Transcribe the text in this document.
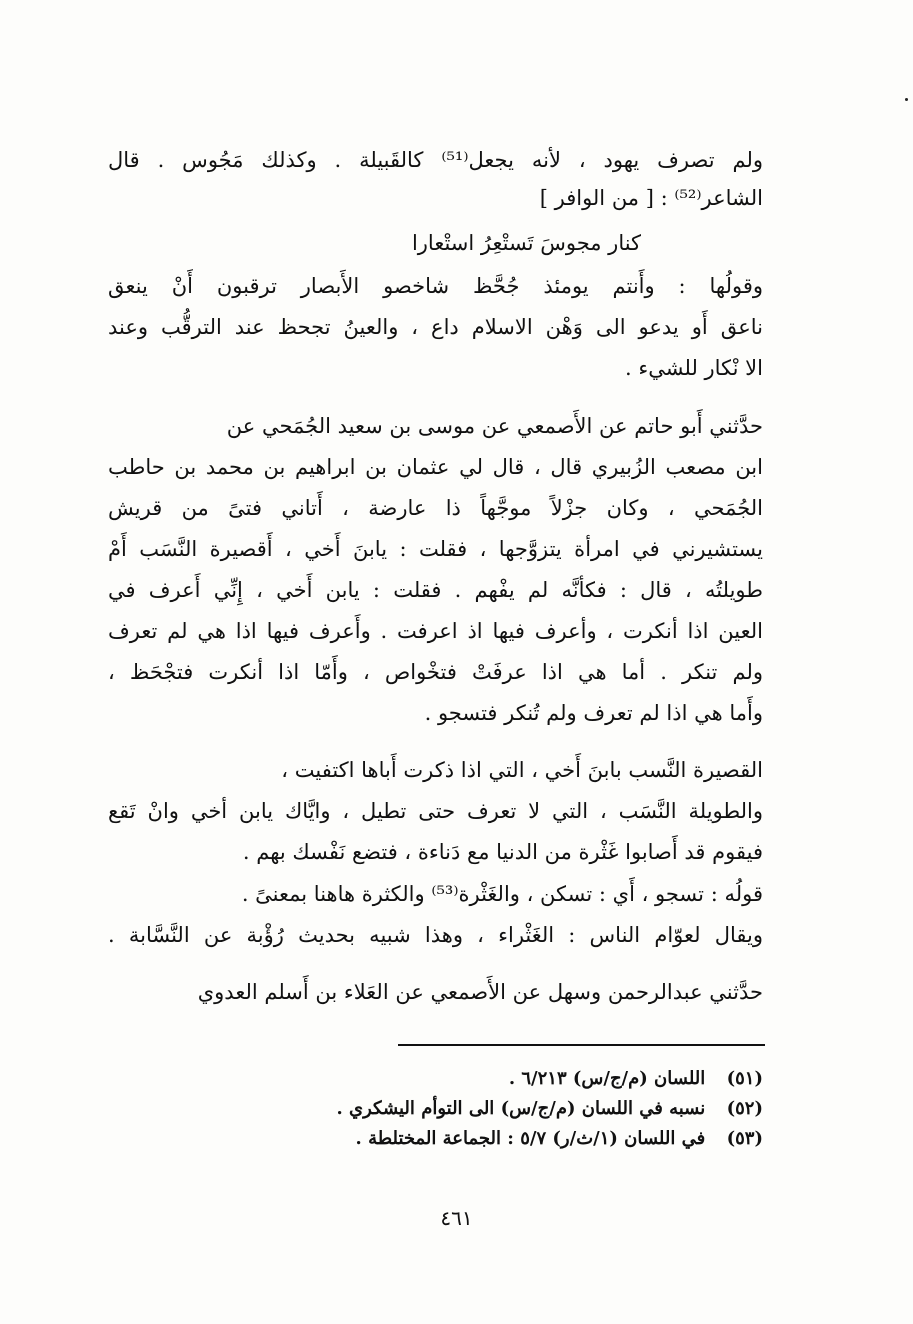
ولم تصرف يهود ، لأنه يجعل⁽⁵¹⁾ كالقَبيلة . وكذلك مَجُوس . قال
الشاعر⁽⁵²⁾ : [ من الوافر ]
كنار مجوسَ تَستْعِرُ استْعارا
وقولُها : وأَنتم يومئذ جُحَّظ شاخصو الأَبصار ترقبون أَنْ ينعق
ناعق أَو يدعو الى وَهْن الاسلام داع ، والعينُ تجحظ عند الترقُّب وعند
الا نْكار للشيء .
حدَّثني أَبو حاتم عن الأَصمعي عن موسى بن سعيد الجُمَحي عن
ابن مصعب الزُبيري قال ، قال لي عثمان بن ابراهيم بن محمد بن حاطب
الجُمَحي ، وكان جزْلاً موجَّهاً ذا عارضة ، أَتاني فتىً من قريش
يستشيرني في امرأة يتزوَّجها ، فقلت : يابنَ أَخي ، أَقصيرة النَّسَب أَمْ
طويلتُه ، قال : فكأنَّه لم يفْهم . فقلت : يابن أَخي ، إِنِّي أَعرف في
العين اذا أنكرت ، وأعرف فيها اذ اعرفت . وأَعرف فيها اذا هي لم تعرف
ولم تنكر . أما هي اذا عرفَتْ فتخْواص ، وأَمّا اذا أنكرت فتجْحَظ ،
وأَما هي اذا لم تعرف ولم تُنكر فتسجو .
القصيرة النَّسب بابنَ أَخي ، التي اذا ذكرت أَباها اكتفيت ،
والطويلة النَّسَب ، التي لا تعرف حتى تطيل ، وايَّاك يابن أخي وانْ تَقع
فيقوم قد أَصابوا غَثْرة من الدنيا مع دَناءة ، فتضع نَفْسك بهم .
قولُه : تسجو ، أَي : تسكن ، والغَثْرة⁽⁵³⁾ والكثرة هاهنا بمعنىً .
ويقال لعوّام الناس : الغَثْراء ، وهذا شبيه بحديث رُؤْبة عن النَّسَّابة .
حدَّثني عبدالرحمن وسهل عن الأَصمعي عن العَلاء بن أَسلم العدوي
(٥١) اللسان (م/ج/س) ٦/٢١٣ .
(٥٢) نسبه في اللسان (م/ج/س) الى التوأم اليشكري .
(٥٣) في اللسان (١/ث/ر) ٥/٧ : الجماعة المختلطة .
٤٦١
